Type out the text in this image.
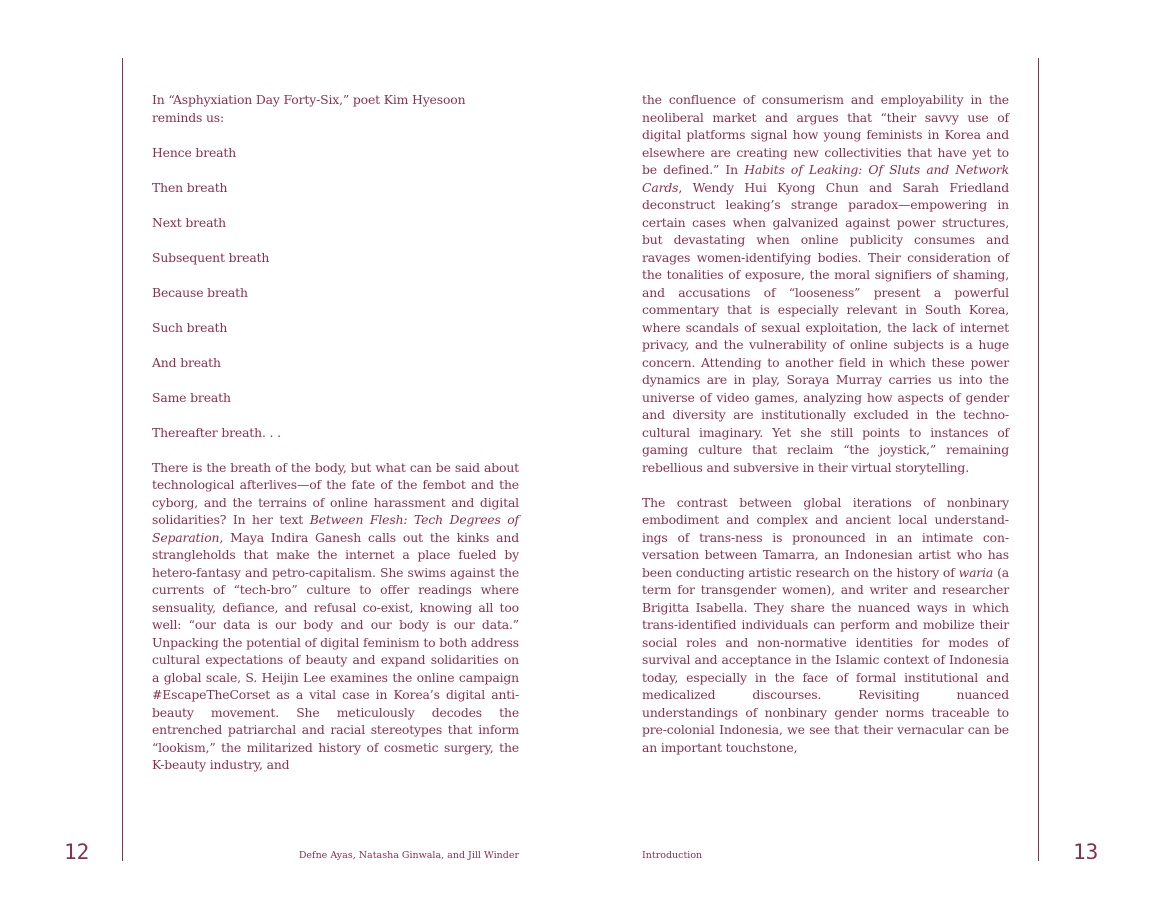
In “Asphyxiation Day Forty-Six,” poet Kim Hyesoon reminds us:

Hence breath

Then breath

Next breath

Subsequent breath

Because breath

Such breath

And breath

Same breath

Thereafter breath. . .

There is the breath of the body, but what can be said about technological afterlives—of the fate of the fembot and the cyborg, and the terrains of online harassment and digital solidarities? In her text Between Flesh: Tech Degrees of Separation, Maya Indira Ganesh calls out the kinks and strangleholds that make the internet a place fueled by hetero-fantasy and petro-capitalism. She swims against the currents of “tech-bro” culture to offer readings where sensuality, defiance, and refusal co-exist, knowing all too well: “our data is our body and our body is our data.” Unpacking the potential of digital feminism to both address cultural expectations of beauty and expand solidarities on a global scale, S. Heijin Lee examines the online campaign #EscapeTheCorset as a vital case in Korea’s digital anti-beauty movement. She meticulously decodes the entrenched patriarchal and racial stereotypes that inform “lookism,” the militarized history of cosmetic surgery, the K-beauty industry, and

the confluence of consumerism and employability in the neoliberal market and argues that “their savvy use of digital platforms signal how young feminists in Korea and elsewhere are creating new collectivities that have yet to be defined.” In Habits of Leaking: Of Sluts and Network Cards, Wendy Hui Kyong Chun and Sarah Friedland deconstruct leaking’s strange paradox—empowering in certain cases when galvanized against power structures, but devastating when online publicity consumes and ravages women-identifying bodies. Their consideration of the tonalities of exposure, the moral signifiers of shaming, and accusations of “looseness” present a powerful commentary that is especially relevant in South Korea, where scandals of sexual exploitation, the lack of internet privacy, and the vulnerability of online subjects is a huge concern. Attending to another field in which these power dynamics are in play, Soraya Murray carries us into the universe of video games, analyzing how aspects of gender and diversity are institutionally excluded in the techno-cultural imaginary. Yet she still points to instances of gaming culture that reclaim “the joystick,” remaining rebellious and subversive in their virtual storytelling.

The contrast between global iterations of nonbinary embodiment and complex and ancient local understandings of trans-ness is pronounced in an intimate conversation between Tamarra, an Indonesian artist who has been conducting artistic research on the history of waria (a term for transgender women), and writer and researcher Brigitta Isabella. They share the nuanced ways in which trans-identified individuals can perform and mobilize their social roles and non-normative identities for modes of survival and acceptance in the Islamic context of Indonesia today, especially in the face of formal institutional and medicalized discourses. Revisiting nuanced understandings of nonbinary gender norms traceable to pre-colonial Indonesia, we see that their vernacular can be an important touchstone,

12	Defne Ayas, Natasha Ginwala, and Jill Winder	Introduction	13
